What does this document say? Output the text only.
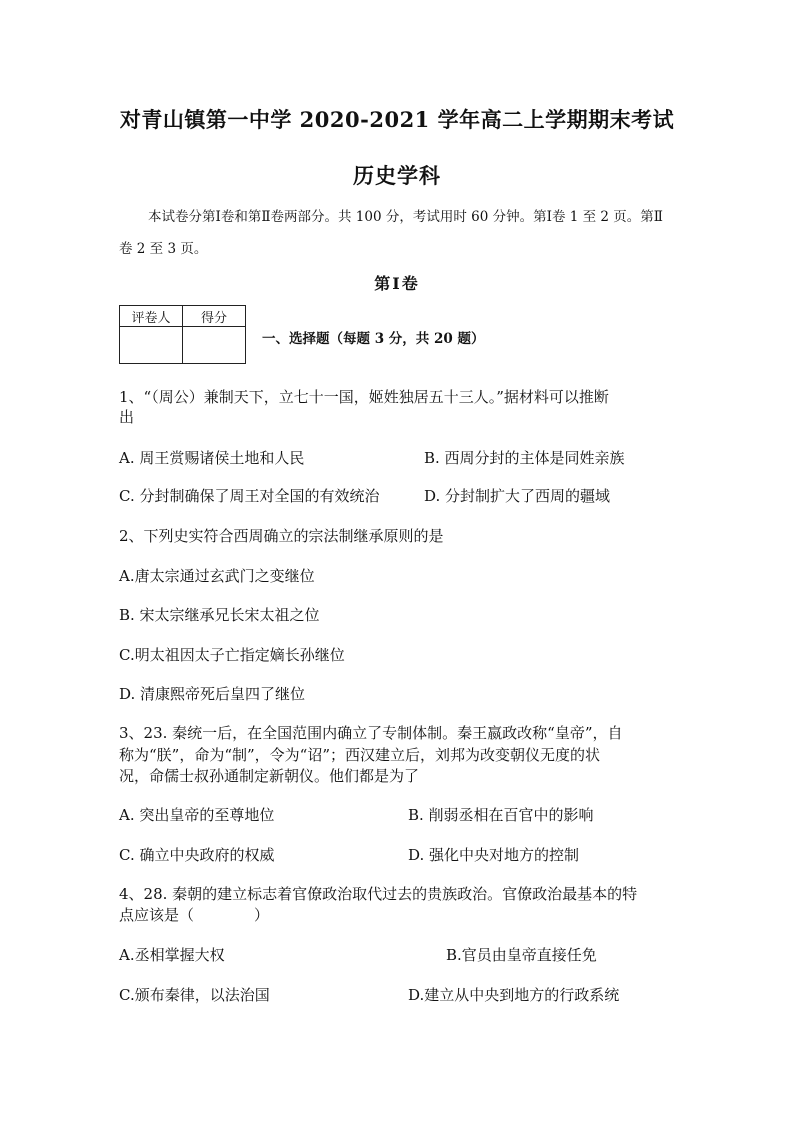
对青山镇第一中学 2020-2021 学年高二上学期期末考试
历史学科
本试卷分第Ⅰ卷和第Ⅱ卷两部分。共 100 分，考试用时 60 分钟。第Ⅰ卷 1 至 2 页。第Ⅱ
卷 2 至 3 页。
第Ⅰ卷
评卷人	得分

一、选择题（每题 3 分，共 20 题）
1、“（周公）兼制天下，立七十一国，姬姓独居五十三人。”据材料可以推断
出
A. 周王赏赐诸侯土地和人民	B. 西周分封的主体是同姓亲族
C. 分封制确保了周王对全国的有效统治	D. 分封制扩大了西周的疆域
2、下列史实符合西周确立的宗法制继承原则的是
A.唐太宗通过玄武门之变继位
B. 宋太宗继承兄长宋太祖之位
C.明太祖因太子亡指定嫡长孙继位
D. 清康熙帝死后皇四了继位
3、23. 秦统一后，在全国范围内确立了专制体制。秦王嬴政改称“皇帝”，自
称为“朕”，命为“制”，令为“诏”；西汉建立后，刘邦为改变朝仪无度的状
况，命儒士叔孙通制定新朝仪。他们都是为了
A. 突出皇帝的至尊地位	B. 削弱丞相在百官中的影响
C. 确立中央政府的权威	D. 强化中央对地方的控制
4、28. 秦朝的建立标志着官僚政治取代过去的贵族政治。官僚政治最基本的特
点应该是（　　　　）
A.丞相掌握大权	B.官员由皇帝直接任免
C.颁布秦律，以法治国	D.建立从中央到地方的行政系统
